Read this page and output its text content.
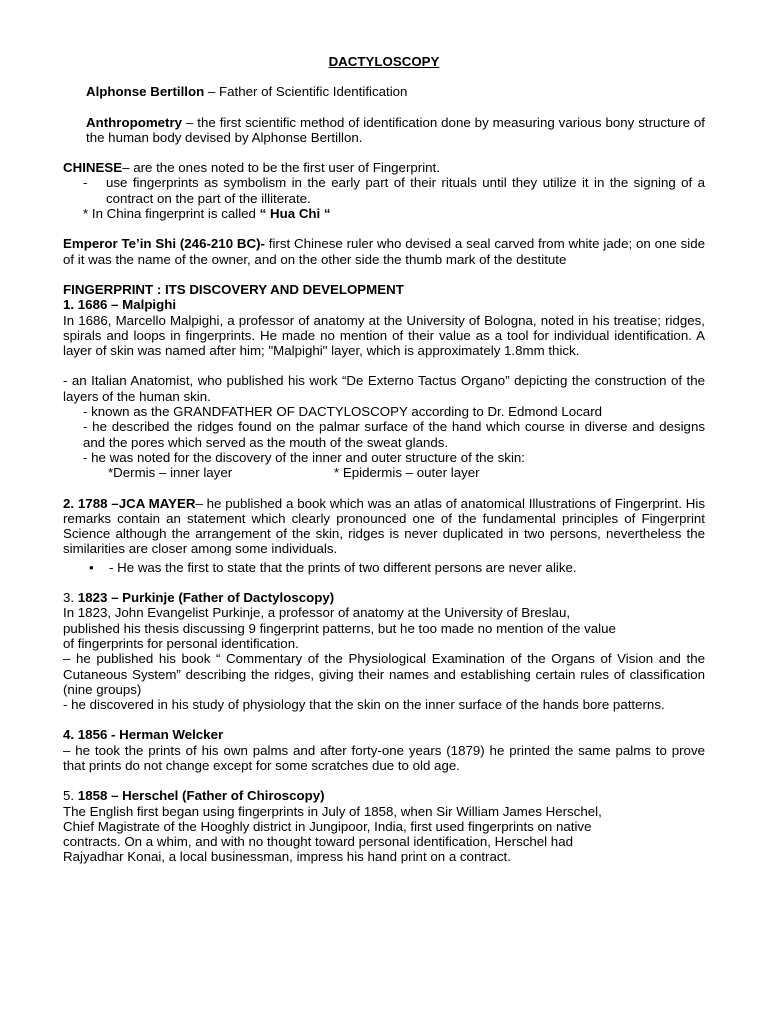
DACTYLOSCOPY

Alphonse Bertillon – Father of Scientific Identification

Anthropometry – the first scientific method of identification done by measuring various bony structure of the human body devised by Alphonse Bertillon.

CHINESE– are the ones noted to be the first user of Fingerprint.

-	use fingerprints as symbolism in the early part of their rituals until they utilize it in the signing of a contract on the part of the illiterate.

* In China fingerprint is called “ Hua Chi “

Emperor Te’in Shi (246-210 BC)- first Chinese ruler who devised a seal carved from white jade; on one side of it was the name of the owner, and on the other side the thumb mark of the destitute

FINGERPRINT : ITS DISCOVERY AND DEVELOPMENT

1. 1686 – Malpighi

In 1686, Marcello Malpighi, a professor of anatomy at the University of Bologna, noted in his treatise; ridges, spirals and loops in fingerprints. He made no mention of their value as a tool for individual identification. A layer of skin was named after him; "Malpighi" layer, which is approximately 1.8mm thick.

- an Italian Anatomist, who published his work “De Externo Tactus Organo” depicting the construction of the layers of the human skin.

- known as the GRANDFATHER OF DACTYLOSCOPY according to Dr. Edmond Locard

- he described the ridges found on the palmar surface of the hand which course in diverse and designs and the pores which served as the mouth of the sweat glands.

- he was noted for the discovery of the inner and outer structure of the skin:

*Dermis – inner layer	* Epidermis – outer layer

2. 1788 –JCA MAYER– he published a book which was an atlas of anatomical Illustrations of Fingerprint. His remarks contain an statement which clearly pronounced one of the fundamental principles of Fingerprint Science although the arrangement of the skin, ridges is never duplicated in two persons, nevertheless the similarities are closer among some individuals.

•	- He was the first to state that the prints of two different persons are never alike.

3. 1823 – Purkinje (Father of Dactyloscopy)

In 1823, John Evangelist Purkinje, a professor of anatomy at the University of Breslau,

published his thesis discussing 9 fingerprint patterns, but he too made no mention of the value

of fingerprints for personal identification.

– he published his book “ Commentary of the Physiological Examination of the Organs of Vision and the Cutaneous System” describing the ridges, giving their names and establishing certain rules of classification (nine groups)

- he discovered in his study of physiology that the skin on the inner surface of the hands bore patterns.

4. 1856 - Herman Welcker

– he took the prints of his own palms and after forty-one years (1879) he printed the same palms to prove that prints do not change except for some scratches due to old age.

5. 1858 – Herschel (Father of Chiroscopy)

The English first began using fingerprints in July of 1858, when Sir William James Herschel,

Chief Magistrate of the Hooghly district in Jungipoor, India, first used fingerprints on native

contracts. On a whim, and with no thought toward personal identification, Herschel had

Rajyadhar Konai, a local businessman, impress his hand print on a contract.
